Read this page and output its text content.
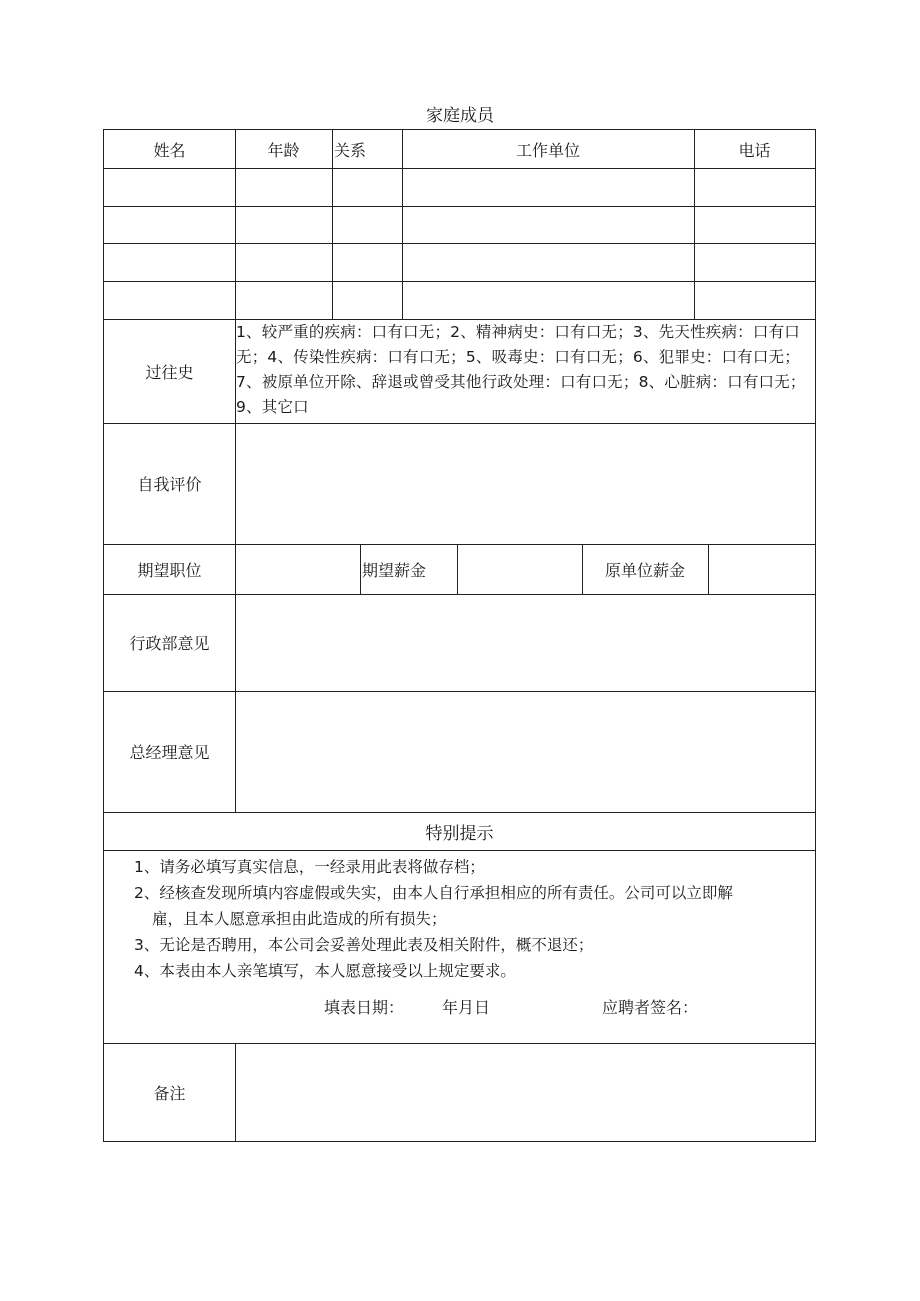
家庭成员
姓名	年龄	关系	工作单位	电话
过往史
1、较严重的疾病：口有口无；2、精神病史：口有口无；3、先天性疾病：口有口无；4、传染性疾病：口有口无；5、吸毒史：口有口无；6、犯罪史：口有口无；7、被原单位开除、辞退或曾受其他行政处理：口有口无；8、心脏病：口有口无；9、其它口
自我评价
期望职位	期望薪金	原单位薪金
行政部意见
总经理意见
特别提示

1、请务必填写真实信息，一经录用此表将做存档；

2、经核查发现所填内容虚假或失实，由本人自行承担相应的所有责任。公司可以立即解

雇，且本人愿意承担由此造成的所有损失；

3、无论是否聘用，本公司会妥善处理此表及相关附件，概不退还；

4、本表由本人亲笔填写，本人愿意接受以上规定要求。

填表日期： 年月日	应聘者签名：
备注
